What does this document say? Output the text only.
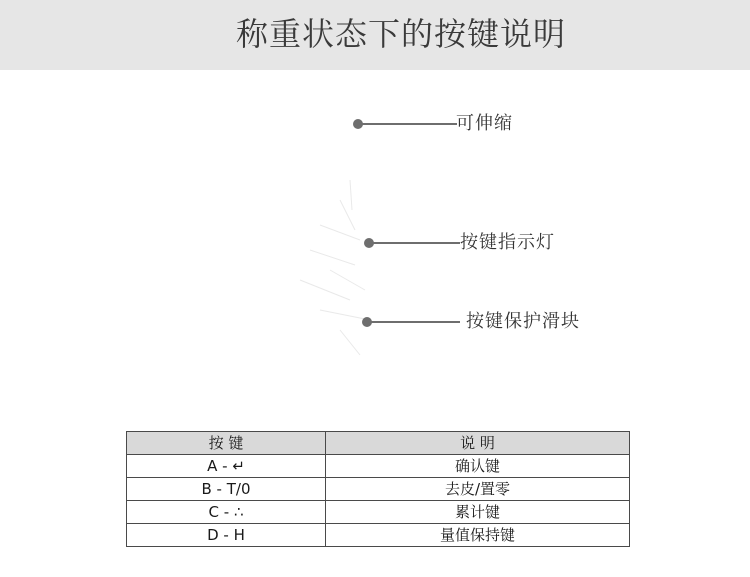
称重状态下的按键说明
可伸缩
按键指示灯
按键保护滑块
按 键	说 明
A - ↵	确认键
B - T/0	去皮/置零
C - ∴	累计键
D - H	量值保持键
